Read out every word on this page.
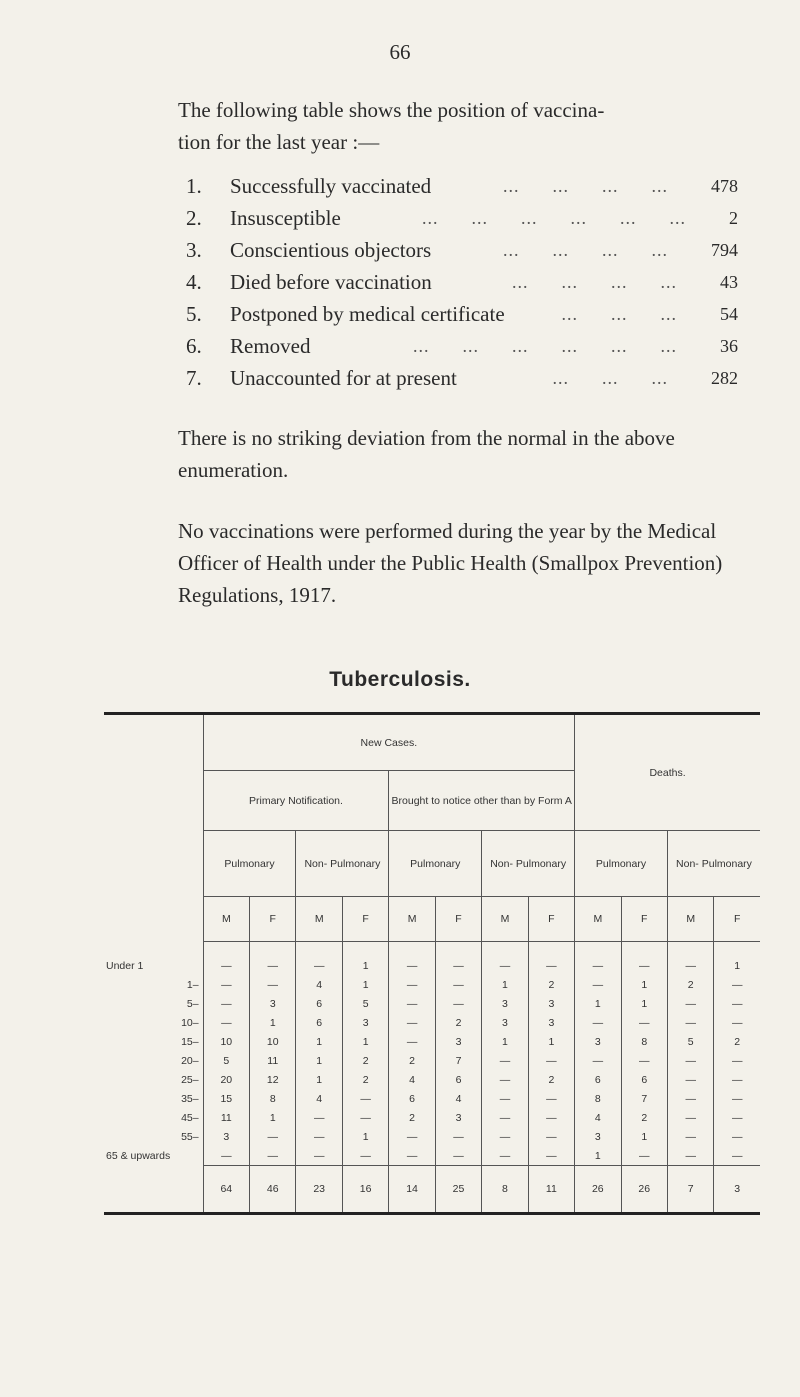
66

The following table shows the position of vaccina-
tion for the last year :—

1.	Successfully vaccinated	478
...      ...      ...      ...
2.	Insusceptible	2
...      ...      ...      ...      ...      ...
3.	Conscientious objectors	794
...      ...      ...      ...
4.	Died before vaccination	43
...      ...      ...      ...
5.	Postponed by medical certificate	54
...      ...      ...
6.	Removed	36
...      ...      ...      ...      ...      ...
7.	Unaccounted for at present	282
...      ...      ...

There is no striking deviation from the normal in the above enumeration.

No vaccinations were performed during the year by the Medical Officer of Health under the Public Health (Smallpox Prevention) Regulations, 1917.

Tuberculosis.
	New Cases.								Deaths.			
	Primary Notification.				Brought to notice other than by Form A							
	Pulmonary		Non- Pulmonary		Pulmonary		Non- Pulmonary		Pulmonary		Non- Pulmonary	
	M	F	M	F	M	F	M	F	M	F	M	F

Under 1	—	—	—	1	—	—	—	—	—	—	—	1
1–	—	—	4	1	—	—	1	2	—	1	2	—
5–	—	3	6	5	—	—	3	3	1	1	—	—
10–	—	1	6	3	—	2	3	3	—	—	—	—
15–	10	10	1	1	—	3	1	1	3	8	5	2
20–	5	11	1	2	2	7	—	—	—	—	—	—
25–	20	12	1	2	4	6	—	2	6	6	—	—
35–	15	8	4	—	6	4	—	—	8	7	—	—
45–	11	1	—	—	2	3	—	—	4	2	—	—
55–	3	—	—	1	—	—	—	—	3	1	—	—
65 & upwards	—	—	—	—	—	—	—	—	1	—	—	—
	64	46	23	16	14	25	8	11	26	26	7	3
